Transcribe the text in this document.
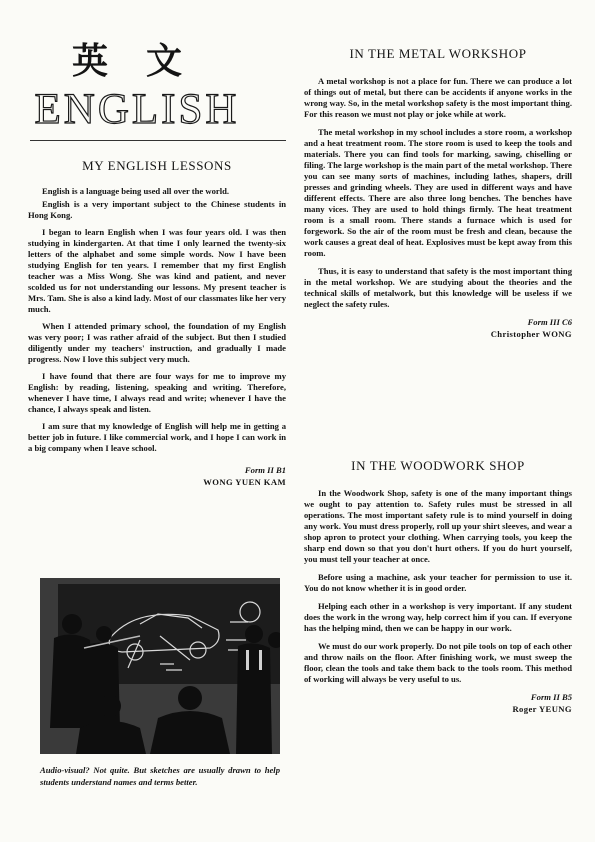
英文
ENGLISH
MY ENGLISH LESSONS

English is a language being used all over the world.

English is a very important subject to the Chinese students in Hong Kong.

I began to learn English when I was four years old. I was then studying in kindergarten. At that time I only learned the twenty-six letters of the alphabet and some simple words. Now I have been studying English for ten years. I remember that my first English teacher was a Miss Wong. She was kind and patient, and never scolded us for not understanding our lessons. My present teacher is Mrs. Tam. She is also a kind lady. Most of our classmates like her very much.

When I attended primary school, the foundation of my English was very poor; I was rather afraid of the subject. But then I studied diligently under my teachers' instruction, and gradually I made progress. Now I love this subject very much.

I have found that there are four ways for me to improve my English: by reading, listening, speaking and writing. Therefore, whenever I have time, I always read and write; whenever I have the chance, I always speak and listen.

I am sure that my knowledge of English will help me in getting a better job in future. I like commercial work, and I hope I can work in a big company when I leave school.

Form II B1
WONG YUEN KAM
Audio-visual? Not quite. But sketches are usually drawn to help students understand names and terms better.
IN THE METAL WORKSHOP

A metal workshop is not a place for fun. There we can produce a lot of things out of metal, but there can be accidents if anyone works in the wrong way. So, in the metal workshop safety is the most important thing. For this reason we must not play or joke while at work.

The metal workshop in my school includes a store room, a workshop and a heat treatment room. The store room is used to keep the tools and materials. There you can find tools for marking, sawing, chiselling or filing. The large workshop is the main part of the metal workshop. There you can see many sorts of machines, including lathes, shapers, drill presses and grinding wheels. They are used in different ways and have different effects. There are also three long benches. The benches have many vices. They are used to hold things firmly. The heat treatment room is a small room. There stands a furnace which is used for forgework. So the air of the room must be fresh and clean, because the work causes a great deal of heat. Explosives must be kept away from this room.

Thus, it is easy to understand that safety is the most important thing in the metal workshop. We are studying about the theories and the technical skills of metalwork, but this knowledge will be useless if we neglect the safety rules.

Form III C6
Christopher WONG
IN THE WOODWORK SHOP

In the Woodwork Shop, safety is one of the many important things we ought to pay attention to. Safety rules must be stressed in all operations. The most important safety rule is to mind yourself in doing any work. You must dress properly, roll up your shirt sleeves, and wear a shop apron to protect your clothing. When carrying tools, you keep the sharp end down so that you don't hurt others. If you do hurt yourself, you must tell your teacher at once.

Before using a machine, ask your teacher for permission to use it. You do not know whether it is in good order.

Helping each other in a workshop is very important. If any student does the work in the wrong way, help correct him if you can. If everyone has the helping mind, then we can be happy in our work.

We must do our work properly. Do not pile tools on top of each other and throw nails on the floor. After finishing work, we must sweep the floor, clean the tools and take them back to the tools room. This method of working will always be very useful to us.

Form II B5
Roger YEUNG
